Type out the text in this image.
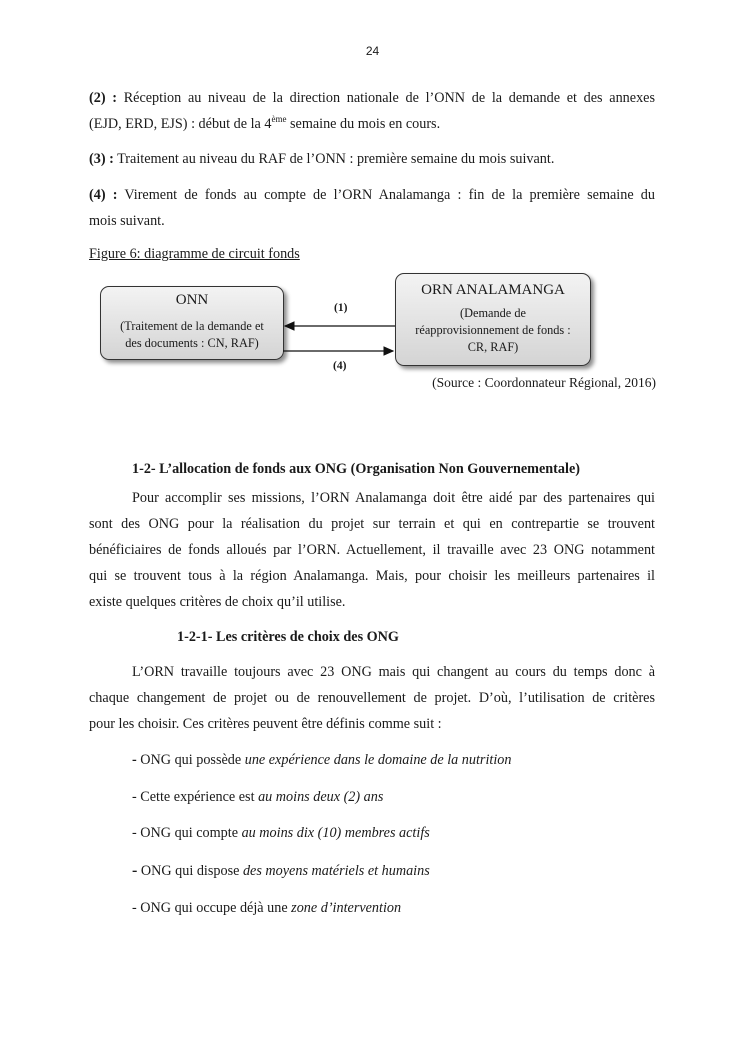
24

(2) : Réception au niveau de la direction nationale de l’ONN de la demande et des annexes

(EJD, ERD, EJS) : début de la 4ème semaine du mois en cours.

(3) : Traitement au niveau du RAF de l’ONN : première semaine du mois suivant.

(4) : Virement de fonds au compte de l’ORN Analamanga : fin de la première semaine du

mois suivant.

Figure 6: diagramme de circuit fonds
ONN
(Traitement de la demande et
des documents : CN, RAF)
ORN ANALAMANGA
(Demande de
réapprovisionnement de fonds :
CR, RAF)
(1)
(4)
(Source : Coordonnateur Régional, 2016)
1-2- L’allocation de fonds aux ONG (Organisation Non Gouvernementale)

Pour accomplir ses missions, l’ORN Analamanga doit être aidé par des partenaires qui

sont des ONG pour la réalisation du projet sur terrain et qui en contrepartie se trouvent

bénéficiaires de fonds alloués par l’ORN. Actuellement, il travaille avec 23 ONG notamment

qui se trouvent tous à la région Analamanga. Mais, pour choisir les meilleurs partenaires il

existe quelques critères de choix qu’il utilise.

1-2-1- Les critères de choix des ONG

L’ORN travaille toujours avec 23 ONG mais qui changent au cours du temps donc à

chaque changement de projet ou de renouvellement de projet. D’où, l’utilisation de critères

pour les choisir. Ces critères peuvent être définis comme suit :

- ONG qui possède une expérience dans le domaine de la nutrition
- Cette expérience est au moins deux (2) ans
- ONG qui compte au moins dix (10) membres actifs
- ONG qui dispose des moyens matériels et humains
- ONG qui occupe déjà une zone d’intervention
